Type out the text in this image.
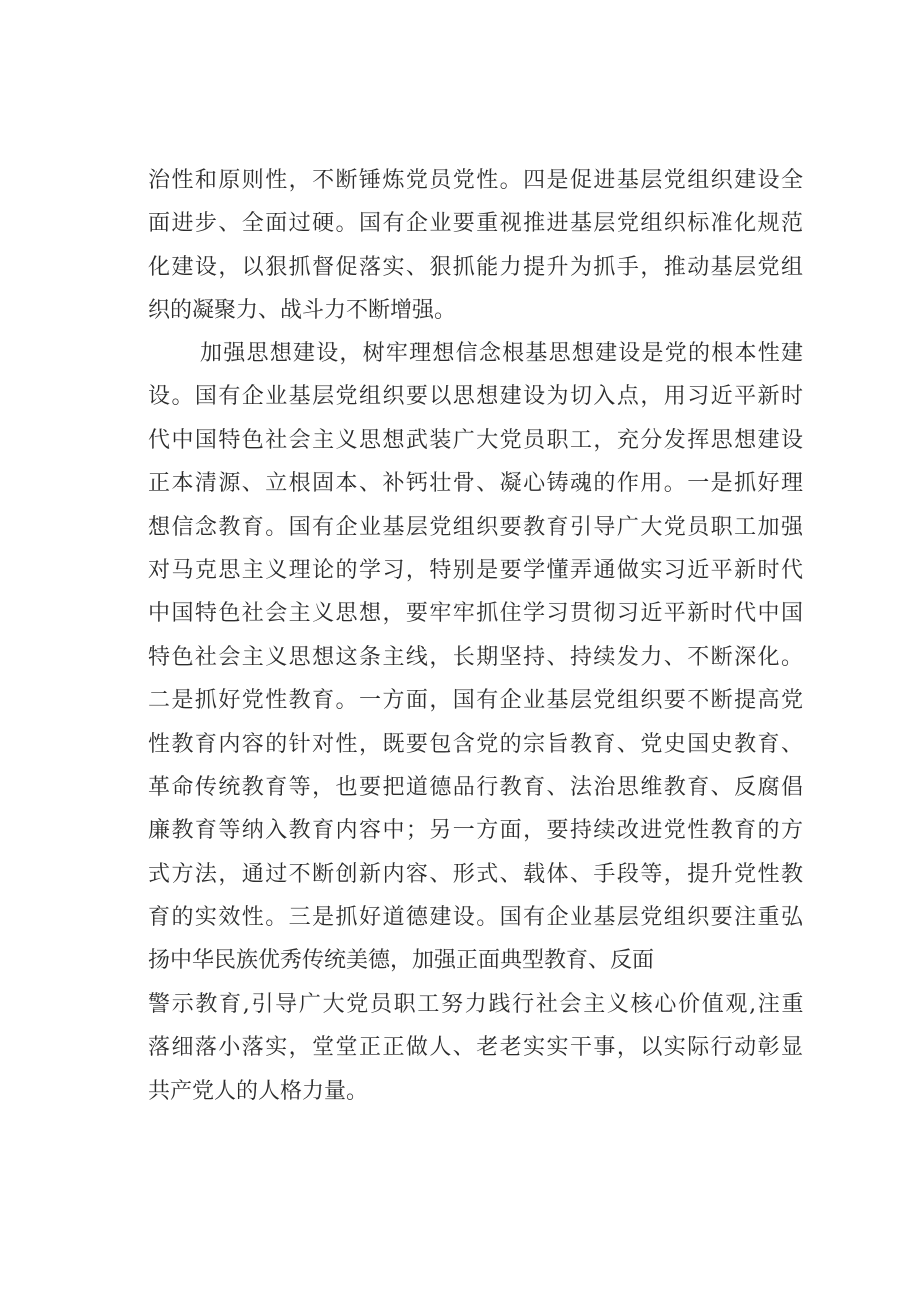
治性和原则性，不断锤炼党员党性。四是促进基层党组织建设全
面进步、全面过硬。国有企业要重视推进基层党组织标准化规范
化建设，以狠抓督促落实、狠抓能力提升为抓手，推动基层党组
织的凝聚力、战斗力不断增强。
加强思想建设，树牢理想信念根基思想建设是党的根本性建
设。国有企业基层党组织要以思想建设为切入点，用习近平新时
代中国特色社会主义思想武装广大党员职工，充分发挥思想建设
正本清源、立根固本、补钙壮骨、凝心铸魂的作用。一是抓好理
想信念教育。国有企业基层党组织要教育引导广大党员职工加强
对马克思主义理论的学习，特别是要学懂弄通做实习近平新时代
中国特色社会主义思想，要牢牢抓住学习贯彻习近平新时代中国
特色社会主义思想这条主线，长期坚持、持续发力、不断深化。
二是抓好党性教育。一方面，国有企业基层党组织要不断提高党
性教育内容的针对性，既要包含党的宗旨教育、党史国史教育、
革命传统教育等，也要把道德品行教育、法治思维教育、反腐倡
廉教育等纳入教育内容中；另一方面，要持续改进党性教育的方
式方法，通过不断创新内容、形式、载体、手段等，提升党性教
育的实效性。三是抓好道德建设。国有企业基层党组织要注重弘
扬中华民族优秀传统美德，加强正面典型教育、反面
警示教育,引导广大党员职工努力践行社会主义核心价值观,注重
落细落小落实，堂堂正正做人、老老实实干事，以实际行动彰显
共产党人的人格力量。
